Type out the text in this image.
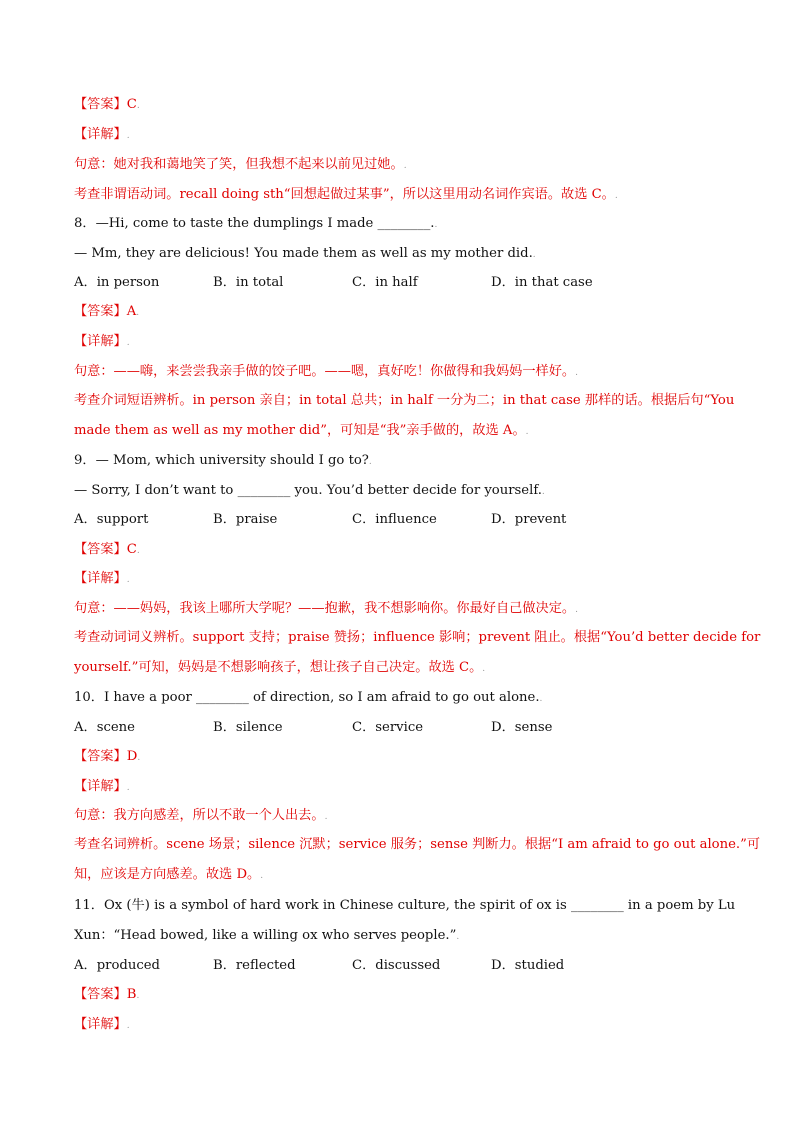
【答案】C.
【详解】.
句意：她对我和蔼地笑了笑，但我想不起来以前见过她。.
考查非谓语动词。recall doing sth“回想起做过某事”，所以这里用动名词作宾语。故选 C。.
8．—Hi, come to taste the dumplings I made ________..
— Mm, they are delicious! You made them as well as my mother did..
A．in person	B．in total	C．in half	D．in that case
【答案】A.
【详解】.
句意：——嗨，来尝尝我亲手做的饺子吧。——嗯，真好吃！你做得和我妈妈一样好。.
考查介词短语辨析。in person 亲自；in total 总共；in half 一分为二；in that case 那样的话。根据后句“You
made them as well as my mother did”，可知是“我”亲手做的，故选 A。.
9．— Mom, which university should I go to?.
— Sorry, I don’t want to ________ you. You’d better decide for yourself..
A．support	B．praise	C．influence	D．prevent
【答案】C.
【详解】.
句意：——妈妈，我该上哪所大学呢？——抱歉，我不想影响你。你最好自己做决定。.
考查动词词义辨析。support 支持；praise 赞扬；influence 影响；prevent 阻止。根据“You’d better decide for
yourself.”可知，妈妈是不想影响孩子，想让孩子自己决定。故选 C。.
10．I have a poor ________ of direction, so I am afraid to go out alone..
A．scene	B．silence	C．service	D．sense
【答案】D.
【详解】.
句意：我方向感差，所以不敢一个人出去。.
考查名词辨析。scene 场景；silence 沉默；service 服务；sense 判断力。根据“I am afraid to go out alone.”可
知，应该是方向感差。故选 D。.
11．Ox (牛) is a symbol of hard work in Chinese culture, the spirit of ox is ________ in a poem by Lu
Xun：“Head bowed, like a willing ox who serves people.”.
A．produced	B．reflected	C．discussed	D．studied
【答案】B.
【详解】.
